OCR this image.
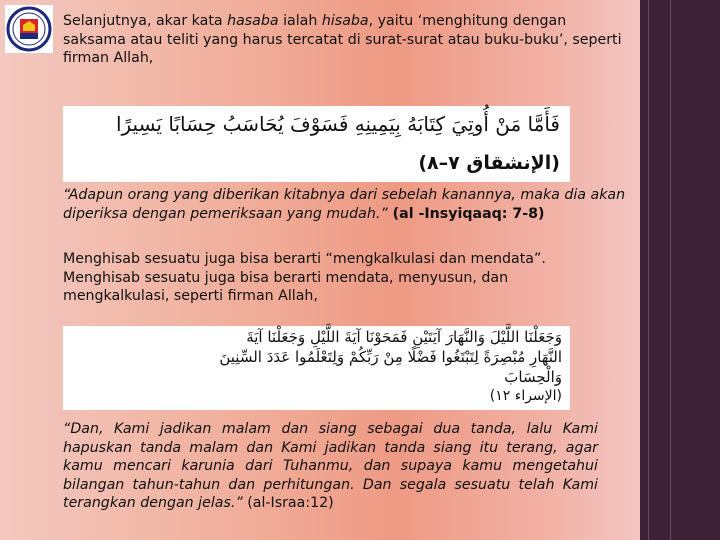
Selanjutnya, akar kata hasaba ialah hisaba, yaitu ‘menghitung dengan saksama atau teliti yang harus tercatat di surat-surat atau buku-buku’, seperti firman Allah,

فَأَمَّا مَنْ أُوتِيَ كِتَابَهُ بِيَمِينِهِ فَسَوْفَ يُحَاسَبُ حِسَابًا يَسِيرًا
(الإنشقاق ٧–٨)

“Adapun orang yang diberikan kitabnya dari sebelah kanannya, maka dia akan diperiksa dengan pemeriksaan yang mudah.” (al -Insyiqaaq: 7-8)

Menghisab sesuatu juga bisa berarti “mengkalkulasi dan mendata”. Menghisab sesuatu juga bisa berarti mendata, menyusun, dan mengkalkulasi, seperti firman Allah,

وَجَعَلْنَا اللَّيْلَ وَالنَّهَارَ آيَتَيْنِ فَمَحَوْنَا آيَةَ اللَّيْلِ وَجَعَلْنَا آيَةَ
النَّهَارِ مُبْصِرَةً لِتَبْتَغُوا فَضْلًا مِنْ رَبِّكُمْ وَلِتَعْلَمُوا عَدَدَ السِّنِينَ
وَالْحِسَابَ
(الإسراء ١٢)

“Dan, Kami jadikan malam dan siang sebagai dua tanda, lalu Kami hapuskan tanda malam dan Kami jadikan tanda siang itu terang, agar kamu mencari karunia dari Tuhanmu, dan supaya kamu mengetahui bilangan tahun-tahun dan perhitungan. Dan segala sesuatu telah Kami terangkan dengan jelas.” (al-Israa:12)
